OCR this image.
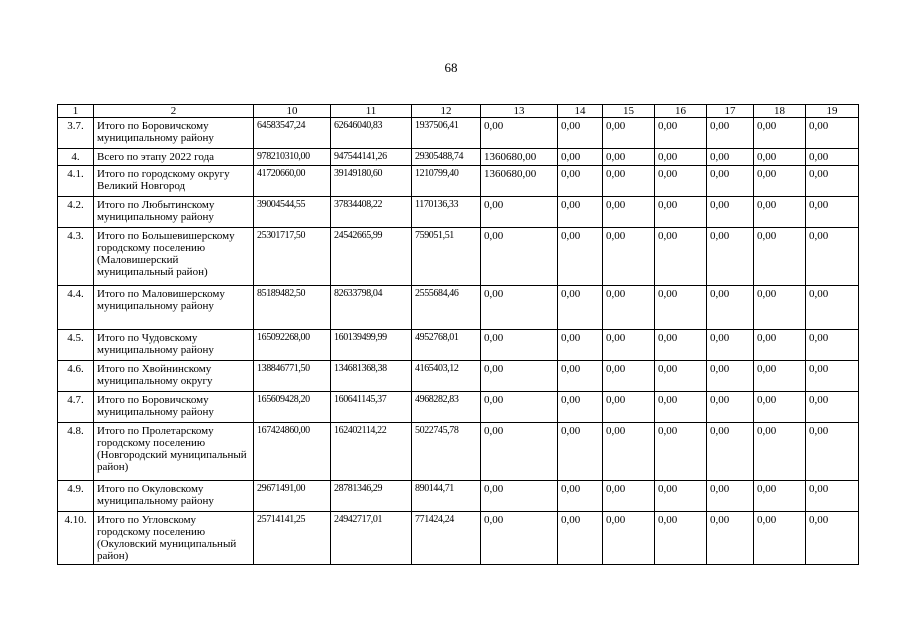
68
1	2	10	11	12	13	14	15	16	17	18	19
3.7.	Итого по Боровичскому муниципальному району	64583547,24	62646040,83	1937506,41	0,00	0,00	0,00	0,00	0,00	0,00	0,00
4.	Всего по этапу 2022 года	978210310,00	947544141,26	29305488,74	1360680,00	0,00	0,00	0,00	0,00	0,00	0,00
4.1.	Итого по городскому округу Великий Новгород	41720660,00	39149180,60	1210799,40	1360680,00	0,00	0,00	0,00	0,00	0,00	0,00
4.2.	Итого по Любытинскому муниципальному району	39004544,55	37834408,22	1170136,33	0,00	0,00	0,00	0,00	0,00	0,00	0,00
4.3.	Итого по Большевишерскому городскому поселению (Маловишерский муниципальный район)	25301717,50	24542665,99	759051,51	0,00	0,00	0,00	0,00	0,00	0,00	0,00
4.4.	Итого по Маловишерскому муниципальному району	85189482,50	82633798,04	2555684,46	0,00	0,00	0,00	0,00	0,00	0,00	0,00
4.5.	Итого по Чудовскому муниципальному району	165092268,00	160139499,99	4952768,01	0,00	0,00	0,00	0,00	0,00	0,00	0,00
4.6.	Итого по Хвойнинскому муниципальному округу	138846771,50	134681368,38	4165403,12	0,00	0,00	0,00	0,00	0,00	0,00	0,00
4.7.	Итого по Боровичскому муниципальному району	165609428,20	160641145,37	4968282,83	0,00	0,00	0,00	0,00	0,00	0,00	0,00
4.8.	Итого по Пролетарскому городскому поселению (Новгородский муниципальный район)	167424860,00	162402114,22	5022745,78	0,00	0,00	0,00	0,00	0,00	0,00	0,00
4.9.	Итого по Окуловскому муниципальному району	29671491,00	28781346,29	890144,71	0,00	0,00	0,00	0,00	0,00	0,00	0,00
4.10.	Итого по Угловскому городскому поселению (Окуловский муниципальный район)	25714141,25	24942717,01	771424,24	0,00	0,00	0,00	0,00	0,00	0,00	0,00
